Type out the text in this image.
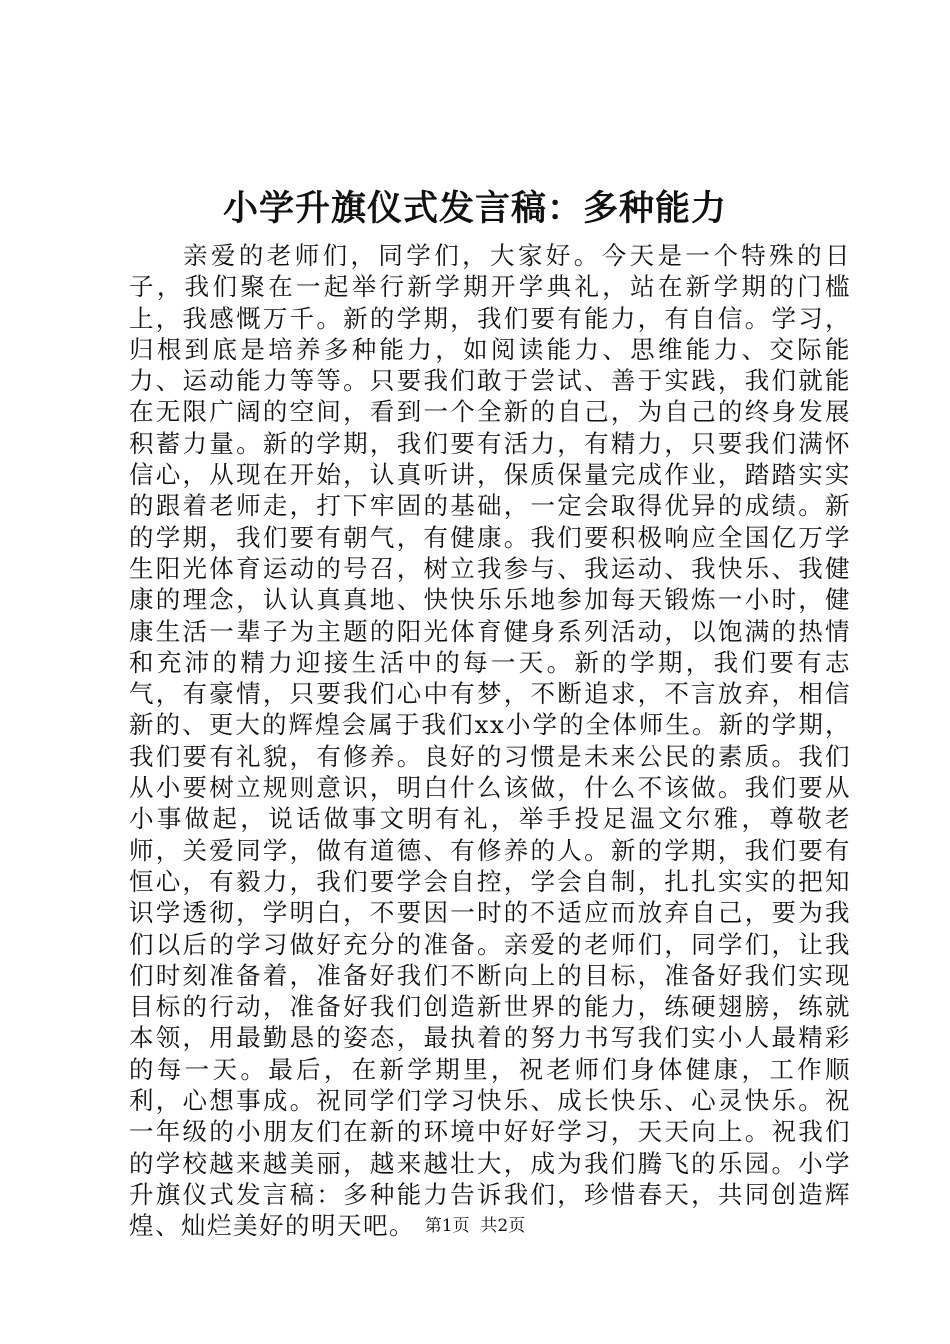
小学升旗仪式发言稿：多种能力

亲爱的老师们，同学们，大家好。今天是一个特殊的日子，我们聚在一起举行新学期开学典礼，站在新学期的门槛上，我感慨万千。新的学期，我们要有能力，有自信。学习，归根到底是培养多种能力，如阅读能力、思维能力、交际能力、运动能力等等。只要我们敢于尝试、善于实践，我们就能在无限广阔的空间，看到一个全新的自己，为自己的终身发展积蓄力量。新的学期，我们要有活力，有精力，只要我们满怀信心，从现在开始，认真听讲，保质保量完成作业，踏踏实实的跟着老师走，打下牢固的基础，一定会取得优异的成绩。新的学期，我们要有朝气，有健康。我们要积极响应全国亿万学生阳光体育运动的号召，树立我参与、我运动、我快乐、我健康的理念，认认真真地、快快乐乐地参加每天锻炼一小时，健康生活一辈子为主题的阳光体育健身系列活动，以饱满的热情和充沛的精力迎接生活中的每一天。新的学期，我们要有志气，有豪情，只要我们心中有梦，不断追求，不言放弃，相信新的、更大的辉煌会属于我们xx小学的全体师生。新的学期，我们要有礼貌，有修养。良好的习惯是未来公民的素质。我们从小要树立规则意识，明白什么该做，什么不该做。我们要从小事做起，说话做事文明有礼，举手投足温文尔雅，尊敬老师，关爱同学，做有道德、有修养的人。新的学期，我们要有恒心，有毅力，我们要学会自控，学会自制，扎扎实实的把知识学透彻，学明白，不要因一时的不适应而放弃自己，要为我们以后的学习做好充分的准备。亲爱的老师们，同学们，让我们时刻准备着，准备好我们不断向上的目标，准备好我们实现目标的行动，准备好我们创造新世界的能力，练硬翅膀，练就本领，用最勤恳的姿态，最执着的努力书写我们实小人最精彩的每一天。最后，在新学期里，祝老师们身体健康，工作顺利，心想事成。祝同学们学习快乐、成长快乐、心灵快乐。祝一年级的小朋友们在新的环境中好好学习，天天向上。祝我们的学校越来越美丽，越来越壮大，成为我们腾飞的乐园。小学升旗仪式发言稿：多种能力告诉我们，珍惜春天，共同创造辉煌、灿烂美好的明天吧。 第1页 共2页
